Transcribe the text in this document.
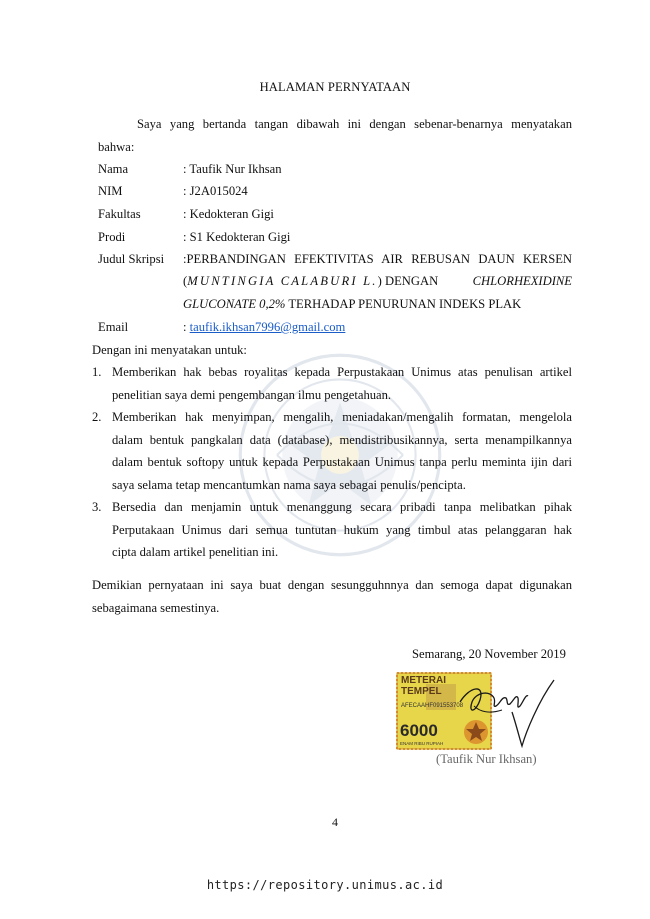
HALAMAN PERNYATAAN
Saya yang bertanda tangan dibawah ini dengan sebenar-benarnya menyatakan
bahwa:
Nama	: Taufik Nur Ikhsan
NIM	: J2A015024
Fakultas	: Kedokteran Gigi
Prodi	: S1 Kedokteran Gigi
Judul Skripsi :PERBANDINGAN EFEKTIVITAS AIR REBUSAN DAUN KERSEN
(MUNTINGIA CALABURI L.) DENGAN	CHLORHEXIDINE
GLUCONATE 0,2% TERHADAP PENURUNAN INDEKS PLAK
Email	: taufik.ikhsan7996@gmail.com
Dengan ini menyatakan untuk:
1. Memberikan hak bebas royalitas kepada Perpustakaan Unimus atas penulisan artikel
penelitian saya demi pengembangan ilmu pengetahuan.
2. Memberikan hak menyimpan, mengalih, meniadakan/mengalih formatan, mengelola
dalam bentuk pangkalan data (database), mendistribusikannya, serta menampilkannya
dalam bentuk softopy untuk kepada Perpustakaan Unimus tanpa perlu meminta ijin dari
saya selama tetap mencantumkan nama saya sebagai penulis/pencipta.
3. Bersedia dan menjamin untuk menanggung secara pribadi tanpa melibatkan pihak
Perputakaan Unimus dari semua tuntutan hukum yang timbul atas pelanggaran hak
cipta dalam artikel penelitian ini.
Demikian pernyataan ini saya buat dengan sesungguhnnya dan semoga dapat digunakan
sebagaimana semestinya.
Semarang, 20 November 2019
METERAI
TEMPEL
AFECAAHF091553708
6000
ENAM RIBU RUPIAH
(Taufik Nur Ikhsan)
4
https://repository.unimus.ac.id
